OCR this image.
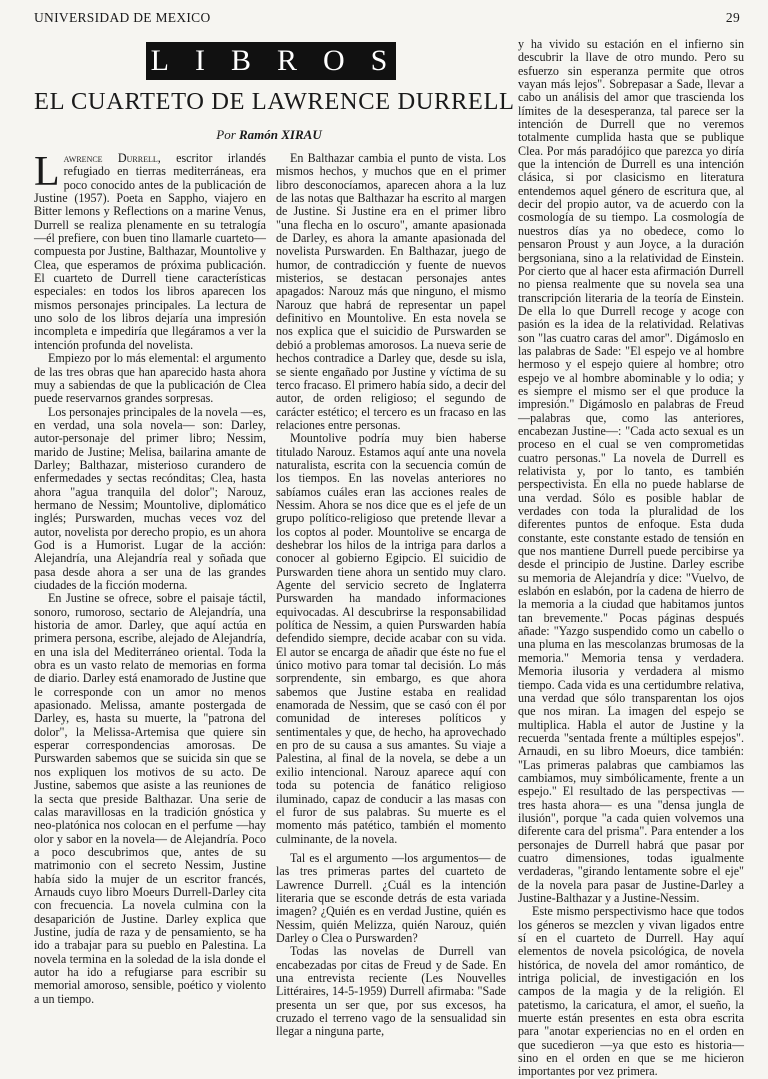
UNIVERSIDAD DE MEXICO	29
LIBROS
EL CUARTETO DE LAWRENCE DURRELL
Por Ramón XIRAU

Lawrence Durrell, escritor irlandés refugiado en tierras mediterráneas, era poco conocido antes de la publicación de Justine (1957). Poeta en Sappho, viajero en Bitter lemons y Reflections on a marine Venus, Durrell se realiza plenamente en su tetralogía —él prefiere, con buen tino llamarle cuarteto— compuesta por Justine, Balthazar, Mountolive y Clea, que esperamos de próxima publicación. El cuarteto de Durrell tiene características especiales: en todos los libros aparecen los mismos personajes principales. La lectura de uno solo de los libros dejaría una impresión incompleta e impediría que llegáramos a ver la intención profunda del novelista.

Empiezo por lo más elemental: el argumento de las tres obras que han aparecido hasta ahora muy a sabiendas de que la publicación de Clea puede reservarnos grandes sorpresas.

Los personajes principales de la novela —es, en verdad, una sola novela— son: Darley, autor-personaje del primer libro; Nessim, marido de Justine; Melisa, bailarina amante de Darley; Balthazar, misterioso curandero de enfermedades y sectas recónditas; Clea, hasta ahora "agua tranquila del dolor"; Narouz, hermano de Nessim; Mountolive, diplomático inglés; Purswarden, muchas veces voz del autor, novelista por derecho propio, es un ahora God is a Humorist. Lugar de la acción: Alejandría, una Alejandría real y soñada que pasa desde ahora a ser una de las grandes ciudades de la ficción moderna.

En Justine se ofrece, sobre el paisaje táctil, sonoro, rumoroso, sectario de Alejandría, una historia de amor. Darley, que aquí actúa en primera persona, escribe, alejado de Alejandría, en una isla del Mediterráneo oriental. Toda la obra es un vasto relato de memorias en forma de diario. Darley está enamorado de Justine que le corresponde con un amor no menos apasionado. Melissa, amante postergada de Darley, es, hasta su muerte, la "patrona del dolor", la Melissa-Artemisa que quiere sin esperar correspondencias amorosas. De Purswarden sabemos que se suicida sin que se nos expliquen los motivos de su acto. De Justine, sabemos que asiste a las reuniones de la secta que preside Balthazar. Una serie de calas maravillosas en la tradición gnóstica y neo-platónica nos colocan en el perfume —hay olor y sabor en la novela— de Alejandría. Poco a poco descubrimos que, antes de su matrimonio con el secreto Nessim, Justine había sido la mujer de un escritor francés, Arnauds cuyo libro Moeurs Durrell-Darley cita con frecuencia. La novela culmina con la desaparición de Justine. Darley explica que Justine, judía de raza y de pensamiento, se ha ido a trabajar para su pueblo en Palestina. La novela termina en la soledad de la isla donde el autor ha ido a refugiarse para escribir su memorial amoroso, sensible, poético y violento a un tiempo.

En Balthazar cambia el punto de vista. Los mismos hechos, y muchos que en el primer libro desconocíamos, aparecen ahora a la luz de las notas que Balthazar ha escrito al margen de Justine. Si Justine era en el primer libro "una flecha en lo oscuro", amante apasionada de Darley, es ahora la amante apasionada del novelista Purswarden. En Balthazar, juego de humor, de contradicción y fuente de nuevos misterios, se destacan personajes antes apagados: Narouz más que ninguno, el mismo Narouz que habrá de representar un papel definitivo en Mountolive. En esta novela se nos explica que el suicidio de Purswarden se debió a problemas amorosos. La nueva serie de hechos contradice a Darley que, desde su isla, se siente engañado por Justine y víctima de su terco fracaso. El primero había sido, a decir del autor, de orden religioso; el segundo de carácter estético; el tercero es un fracaso en las relaciones entre personas.

Mountolive podría muy bien haberse titulado Narouz. Estamos aquí ante una novela naturalista, escrita con la secuencia común de los tiempos. En las novelas anteriores no sabíamos cuáles eran las acciones reales de Nessim. Ahora se nos dice que es el jefe de un grupo político-religioso que pretende llevar a los coptos al poder. Mountolive se encarga de deshebrar los hilos de la intriga para darlos a conocer al gobierno Egipcio. El suicidio de Purswarden tiene ahora un sentido muy claro. Agente del servicio secreto de Inglaterra Purswarden ha mandado informaciones equivocadas. Al descubrirse la responsabilidad política de Nessim, a quien Purswarden había defendido siempre, decide acabar con su vida. El autor se encarga de añadir que éste no fue el único motivo para tomar tal decisión. Lo más sorprendente, sin embargo, es que ahora sabemos que Justine estaba en realidad enamorada de Nessim, que se casó con él por comunidad de intereses políticos y sentimentales y que, de hecho, ha aprovechado en pro de su causa a sus amantes. Su viaje a Palestina, al final de la novela, se debe a un exilio intencional. Narouz aparece aquí con toda su potencia de fanático religioso iluminado, capaz de conducir a las masas con el furor de sus palabras. Su muerte es el momento más patético, también el momento culminante, de la novela.

Tal es el argumento —los argumentos— de las tres primeras partes del cuarteto de Lawrence Durrell. ¿Cuál es la intención literaria que se esconde detrás de esta variada imagen? ¿Quién es en verdad Justine, quién es Nessim, quién Melizza, quién Narouz, quién Darley o Clea o Purswarden?

Todas las novelas de Durrell van encabezadas por citas de Freud y de Sade. En una entrevista reciente (Les Nouvelles Littéraires, 14-5-1959) Durrell afirmaba: "Sade presenta un ser que, por sus excesos, ha cruzado el terreno vago de la sensualidad sin llegar a ninguna parte,

y ha vivido su estación en el infierno sin descubrir la llave de otro mundo. Pero su esfuerzo sin esperanza permite que otros vayan más lejos". Sobrepasar a Sade, llevar a cabo un análisis del amor que trascienda los límites de la desesperanza, tal parece ser la intención de Durrell que no veremos totalmente cumplida hasta que se publique Clea. Por más paradójico que parezca yo diría que la intención de Durrell es una intención clásica, si por clasicismo en literatura entendemos aquel género de escritura que, al decir del propio autor, va de acuerdo con la cosmología de su tiempo. La cosmología de nuestros días ya no obedece, como lo pensaron Proust y aun Joyce, a la duración bergsoniana, sino a la relatividad de Einstein. Por cierto que al hacer esta afirmación Durrell no piensa realmente que su novela sea una transcripción literaria de la teoría de Einstein. De ella lo que Durrell recoge y acoge con pasión es la idea de la relatividad. Relativas son "las cuatro caras del amor". Digámoslo en las palabras de Sade: "El espejo ve al hombre hermoso y el espejo quiere al hombre; otro espejo ve al hombre abominable y lo odia; y es siempre el mismo ser el que produce la impresión." Digámoslo en palabras de Freud —palabras que, como las anteriores, encabezan Justine—: "Cada acto sexual es un proceso en el cual se ven comprometidas cuatro personas." La novela de Durrell es relativista y, por lo tanto, es también perspectivista. En ella no puede hablarse de una verdad. Sólo es posible hablar de verdades con toda la pluralidad de los diferentes puntos de enfoque. Esta duda constante, este constante estado de tensión en que nos mantiene Durrell puede percibirse ya desde el principio de Justine. Darley escribe su memoria de Alejandría y dice: "Vuelvo, de eslabón en eslabón, por la cadena de hierro de la memoria a la ciudad que habitamos juntos tan brevemente." Pocas páginas después añade: "Yazgo suspendido como un cabello o una pluma en las mescolanzas brumosas de la memoria." Memoria tensa y verdadera. Memoria ilusoria y verdadera al mismo tiempo. Cada vida es una certidumbre relativa, una verdad que sólo transparentan los ojos que nos miran. La imagen del espejo se multiplica. Habla el autor de Justine y la recuerda "sentada frente a múltiples espejos". Arnaudi, en su libro Moeurs, dice también: "Las primeras palabras que cambiamos las cambiamos, muy simbólicamente, frente a un espejo." El resultado de las perspectivas —tres hasta ahora— es una "densa jungla de ilusión", porque "a cada quien volvemos una diferente cara del prisma". Para entender a los personajes de Durrell habrá que pasar por cuatro dimensiones, todas igualmente verdaderas, "girando lentamente sobre el eje" de la novela para pasar de Justine-Darley a Justine-Balthazar y a Justine-Nessim.

Este mismo perspectivismo hace que todos los géneros se mezclen y vivan ligados entre sí en el cuarteto de Durrell. Hay aquí elementos de novela psicológica, de novela histórica, de novela del amor romántico, de intriga policial, de investigación en los campos de la magia y de la religión. El patetismo, la caricatura, el amor, el sueño, la muerte están presentes en esta obra escrita para "anotar experiencias no en el orden en que sucedieron —ya que esto es historia— sino en el orden en que se me hicieron importantes por vez primera.
